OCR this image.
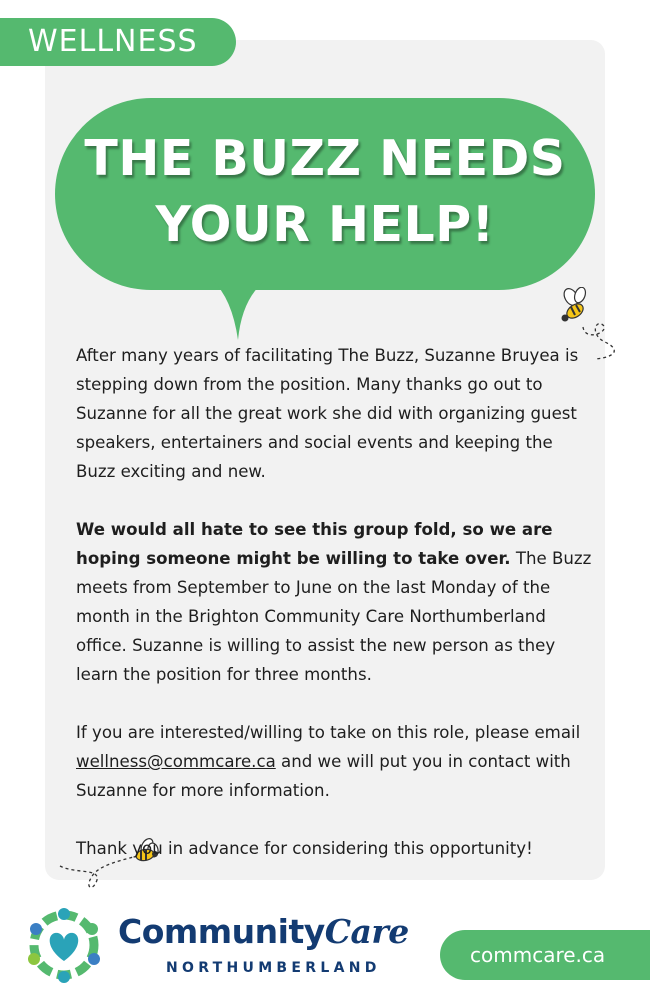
WELLNESS
THE BUZZ NEEDS
YOUR HELP!

After many years of facilitating The Buzz, Suzanne Bruyea is stepping down from the position. Many thanks go out to Suzanne for all the great work she did with organizing guest speakers, entertainers and social events and keeping the Buzz exciting and new.

We would all hate to see this group fold, so we are hoping someone might be willing to take over. The Buzz meets from September to June on the last Monday of the month in the Brighton Community Care Northumberland office. Suzanne is willing to assist the new person as they learn the position for three months.

If you are interested/willing to take on this role, please email wellness@commcare.ca and we will put you in contact with Suzanne for more information.

Thank you in advance for considering this opportunity!

CommunityCare
NORTHUMBERLAND
commcare.ca
